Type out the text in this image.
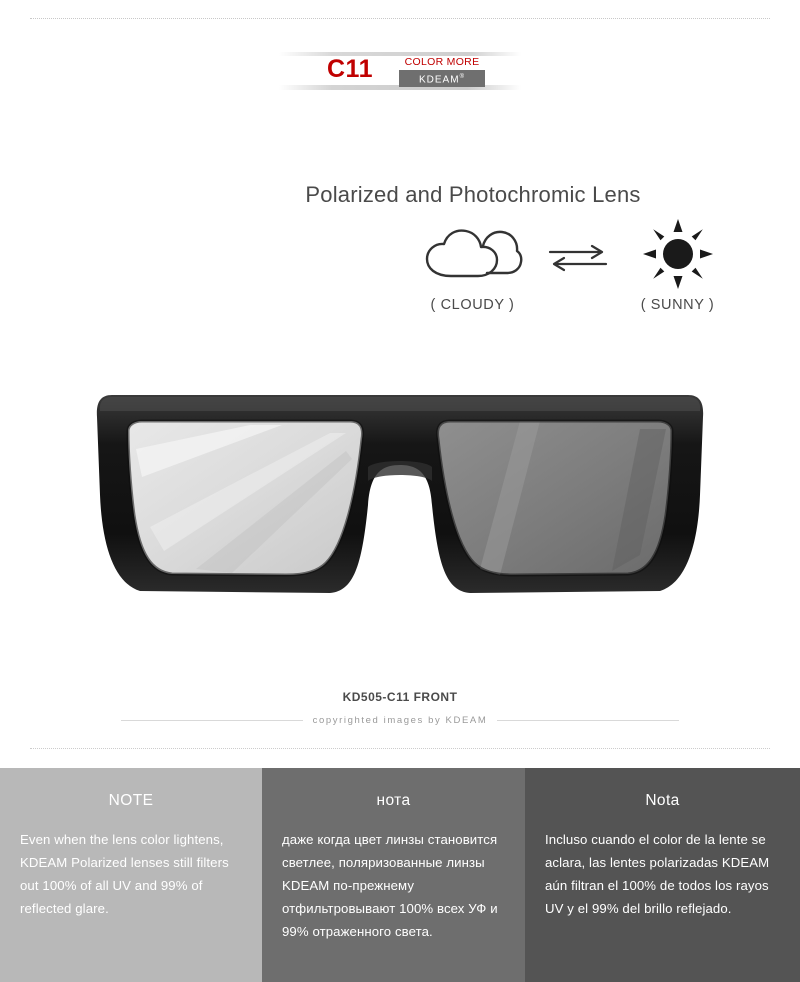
C11	COLOR MORE
KDEAM®
Polarized and Photochromic Lens
( CLOUDY )	( SUNNY )
KD505-C11 FRONT
copyrighted images by KDEAM
NOTE
Even when the lens color lightens, KDEAM Polarized lenses still filters out 100% of all UV and 99% of reflected glare.
нота
даже когда цвет линзы становится светлее, поляризованные линзы KDEAM по-прежнему отфильтровывают 100% всех УФ и 99% отраженного света.
Nota
Incluso cuando el color de la lente se aclara, las lentes polarizadas KDEAM aún filtran el 100% de todos los rayos UV y el 99% del brillo reflejado.
